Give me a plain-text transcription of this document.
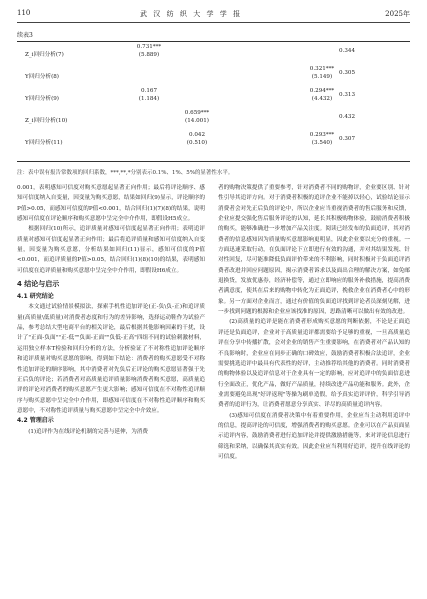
110	武汉纺织大学学报	2025年
续表3
Z_i回归分析(7)
0.731***
(5.889)
0.344
Y回归分析(8)
0.321***
(5.149)
0.305
Y回归分析(9)
0.167
(1.184)
0.294***
(4.432)
0.313
Z_i回归分析(10)
0.659***
(14.001)
0.432
Y回归分析(11)
0.042
(0.510)
0.293***
(3.540)
0.307
注：表中误有报告常数项的回归系数，***,**,*分别表示0.1%、1%、5%的显著性水平。

0.001，表明感知可信度对购买意愿起显著正向作用；最后将评论顺序、感知可信度纳入自变量，因变量为购买意愿，结果如回归(9)显示，评论顺序的P值>0.05，而感知可信度的P值<0.001，结合回归(1)(7)(8)的结果，说明感知可信度在评论顺序和购买意愿中呈完全中介作用，即假设H5成立。

根据回归(10)所示，追评质量对感知可信度起显著正向作用；表明追评质量对感知可信度起显著正向作用；最后将追评质量和感知可信度纳入自变量，因变量为购买意愿，分析结果如回归(11)显示，感知可信度的P值<0.001，而追评质量的P值>0.05，结合回归(1)(8)(10)的结果，表明感知可信度在追评质量和购买意愿中呈完全中介作用，即假设H6成立。

4 结论与启示
4.1 研究结论

本文通过试验情景模拟法，探索手机性追加评论(正-负\负-正)和追评质量(高质量\低质量)对消费者态度和行为的差异影响，选择运动鞋作为试验产品，参考总结大型电商平台的相关评论，最后根据其他影响因素的干扰，设计了"正面-负面""正-低""负面-正面""负低-正高"四组不同的试验刺激材料，运用独立样本T检验和回归分析的方法，分析验证了不对称性追加评论顺序和追评质量对购买意愿的影响，得到如下结论：消费者的购买意愿受不对称性追加评论的顺序影响，其中消费者对先负后正评论的购买意愿显著强于先正后负的评论；若消费者对高质量追评质量影响消费者购买意愿，高质量追评的评论对消费者的购买意愿产生更大影响；感知可信度在不对称性追评顺序与购买意愿中呈完全中介作用，即感知可信度在不对称性追评顺序和购买意愿中，不对称性追评质量与购买意愿中呈完全中介效应。

4.2 管理启示

(1)追评作为在线评论机制的完善与延伸，为消费

者的购物决策提供了重要参考，针对消费者不同的购物评，企业要区别、针对性引导其追评方向。对于消费者积极的追评企业不能掉以轻心，试验结论显示消费者会对先正后负的评论中，所以企业应当重视消费者的售后服务和反馈，企业应提交强化售后服务评论的认知，延长其积极购物体验，鼓励消费者积极的购买，能够准确进一步增加产品关注度。阅读已经发布的负面追评，其对消费者的信息感知因为质量购买意愿影响更明显，因此企业要以充分的重视。一方面迅速采取行动，在负面评论下立即进行有效的沟通，并对其结果发现、针对性回复，尽可能准降低负面评价带来的不利影响，同时积极对于负面追评消费者改进并回应问题原因，揭示消费者诉求以及面出合理的解决方案，如免邮退换货，发放优惠券，经济补偿等，通过立即响应的服务补救措施，提高消费者满意度，使其在后来的购物中转化为正面追评，挽救企业在消费者心中的形象。另一方面对企业而言，通过有价值的负面追评找到评论者员深刻见解，进一步找到问题的根源和企业应该找准的原因，思路清晰可以做出有效的改进。

(2)高质量的追评是能在消费者形成购买意愿的判断依据，不论是正面追评还是负面追评，企业对于高质量追评都需要给予足够的重视，一旦高质量追评在分享中传播扩散，会对企业的销售产生重要影响，在消费者对产品认知的不良影响时，企业应在同步正确的口碑效应，鼓励消费者积极合法追评，企业需要挑选追评中最具有代表性的好评，主动推荐给其他的消费者。同时消费者的购物体验以及追评信息对于企业具有一定的影响，应对追评中的负面信息进行全面改正，优化产品，做好产品质量，持续改进产品功能和服务。此外，企业需要避免出现"好评返现"等操为刷单造假，给予真实追评评价，科学引导消费者的追评行为，让消费者愿意分享真实、详尽的高质量追评内容。

(3)感知可信度在消费者决策中有着重要作用，企业应当主动利用追评中的信息，提高评论的可信度，增强消费者的购买意愿。企业可以在产品页面显示追评内容，鼓励消费者进行追加评论并提供激励措施等，来对评论信息进行筛选和采纳，以确保其真实有效。因此企业应当利用好追评，提升在线评论的可信度。
